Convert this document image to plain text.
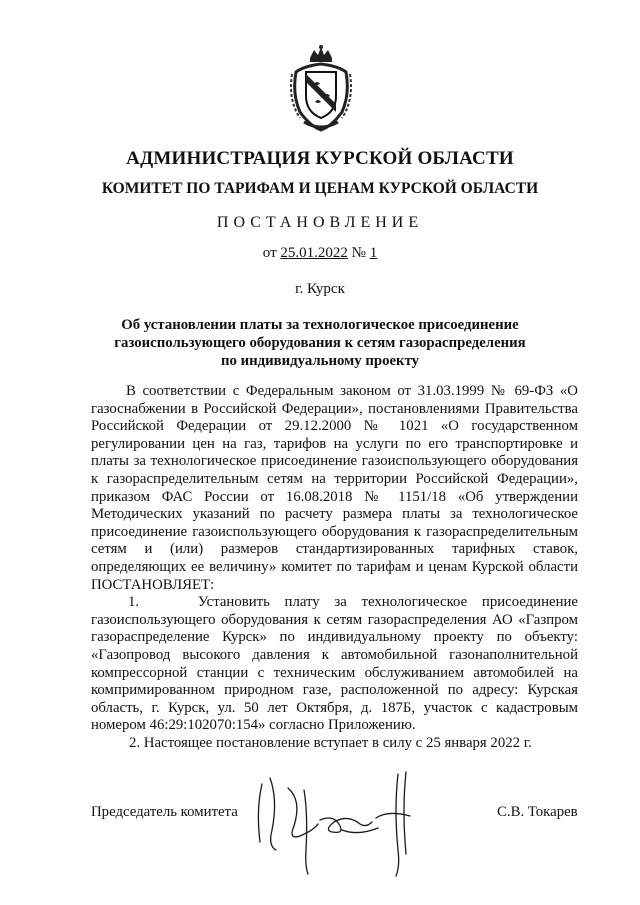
АДМИНИСТРАЦИЯ КУРСКОЙ ОБЛАСТИ
КОМИТЕТ ПО ТАРИФАМ И ЦЕНАМ КУРСКОЙ ОБЛАСТИ
ПОСТАНОВЛЕНИЕ
от 25.01.2022 № 1
г. Курск
Об установлении платы за технологическое присоединение
газоиспользующего оборудования к сетям газораспределения
по индивидуальному проекту

В соответствии с Федеральным законом от 31.03.1999 № 69-ФЗ «О газоснабжении в Российской Федерации», постановлениями Правительства Российской Федерации от 29.12.2000 № 1021 «О государственном регулировании цен на газ, тарифов на услуги по его транспортировке и платы за технологическое присоединение газоиспользующего оборудования к газораспределительным сетям на территории Российской Федерации», приказом ФАС России от 16.08.2018 № 1151/18 «Об утверждении Методических указаний по расчету размера платы за технологическое присоединение газоиспользующего оборудования к газораспределительным сетям и (или) размеров стандартизированных тарифных ставок, определяющих ее величину» комитет по тарифам и ценам Курской области ПОСТАНОВЛЯЕТ:

1.    Установить плату за технологическое присоединение газоиспользующего оборудования к сетям газораспределения АО «Газпром газораспределение Курск» по индивидуальному проекту по объекту: «Газопровод высокого давления к автомобильной газонаполнительной компрессорной станции с техническим обслуживанием автомобилей на компримированном природном газе, расположенной по адресу: Курская область, г. Курск, ул. 50 лет Октября, д. 187Б, участок с кадастровым номером 46:29:102070:154» согласно Приложению.

2. Настоящее постановление вступает в силу с 25 января 2022 г.

Председатель комитета	С.В. Токарев
